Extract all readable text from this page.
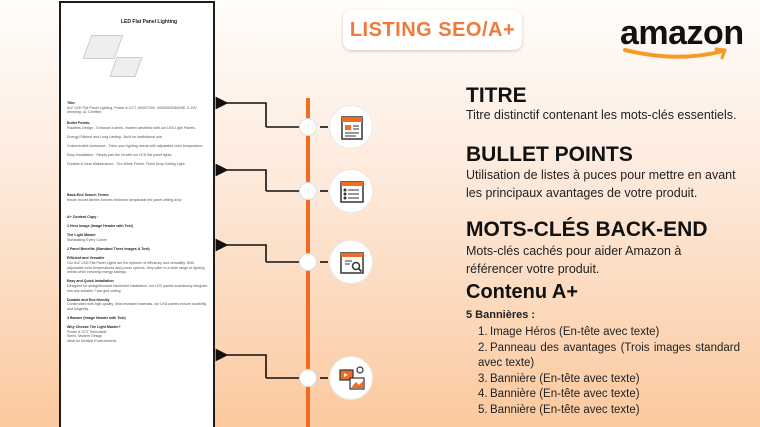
LED Flat Panel Lighting
Title:
6x2' LED Flat Panel Lighting, Power & CCT, 6000/7000, 4000/5000/6000K, 0-10V dimming, UL Certified
Bullet Points:
Flawless Design - Enhance a sleek, modern aesthetic with our LED Light Panels.

Energy Efficient and Long Lasting - Built for institutional use.

Customizable Ambiance - Tailor your lighting needs with adjustable color temperature.

Easy Installation - Simply pair the kit with our LED flat panel lights.

Durable & Near Maintenance - Our White Frame, Flush Drop Ceiling Light.
Back-End Search Terms:
fixture mount kitchen fixtures bedroom lampshade led panel ceiling drop
A+ Content Copy :

1 Hero Image (Image Header with Text)

The Light Master
Illuminating Every Corner

2 Panel Benefits (Standard Three Images & Text)

Efficient and Versatile
Our 6x2' LED Flat Panel Lights are the epitome of efficiency and versatility. With adjustable color temperatures and power options, they cater to a wide range of lighting needs while ensuring energy savings.

Easy and Quick Installation
Designed for straightforward hardwired installation, our LED panels seamlessly integrate into any suitable T-bar grid ceiling.

Durable and Eco-friendly
Constructed with high-quality, heat-resistant materials, our LED panels ensure durability and longevity.

3 Banner (Image Header with Text)

Why Choose The Light Master?
Power & CCT Selectable
Sleek, Modern Design
Ideal for Multiple Environments
LISTING SEO/A+	amazon
TITRE
Titre distinctif contenant les mots-clés essentiels.
BULLET POINTS
Utilisation de listes à puces pour mettre en avant les principaux avantages de votre produit.
MOTS-CLÉS BACK-END
Mots-clés cachés pour aider Amazon à référencer votre produit.
Contenu A+
5 Bannières :
1. Image Héros (En-tête avec texte)
2. Panneau des avantages (Trois images standard avec texte)
3. Bannière (En-tête avec texte)
4. Bannière (En-tête avec texte)
5. Bannière (En-tête avec texte)
